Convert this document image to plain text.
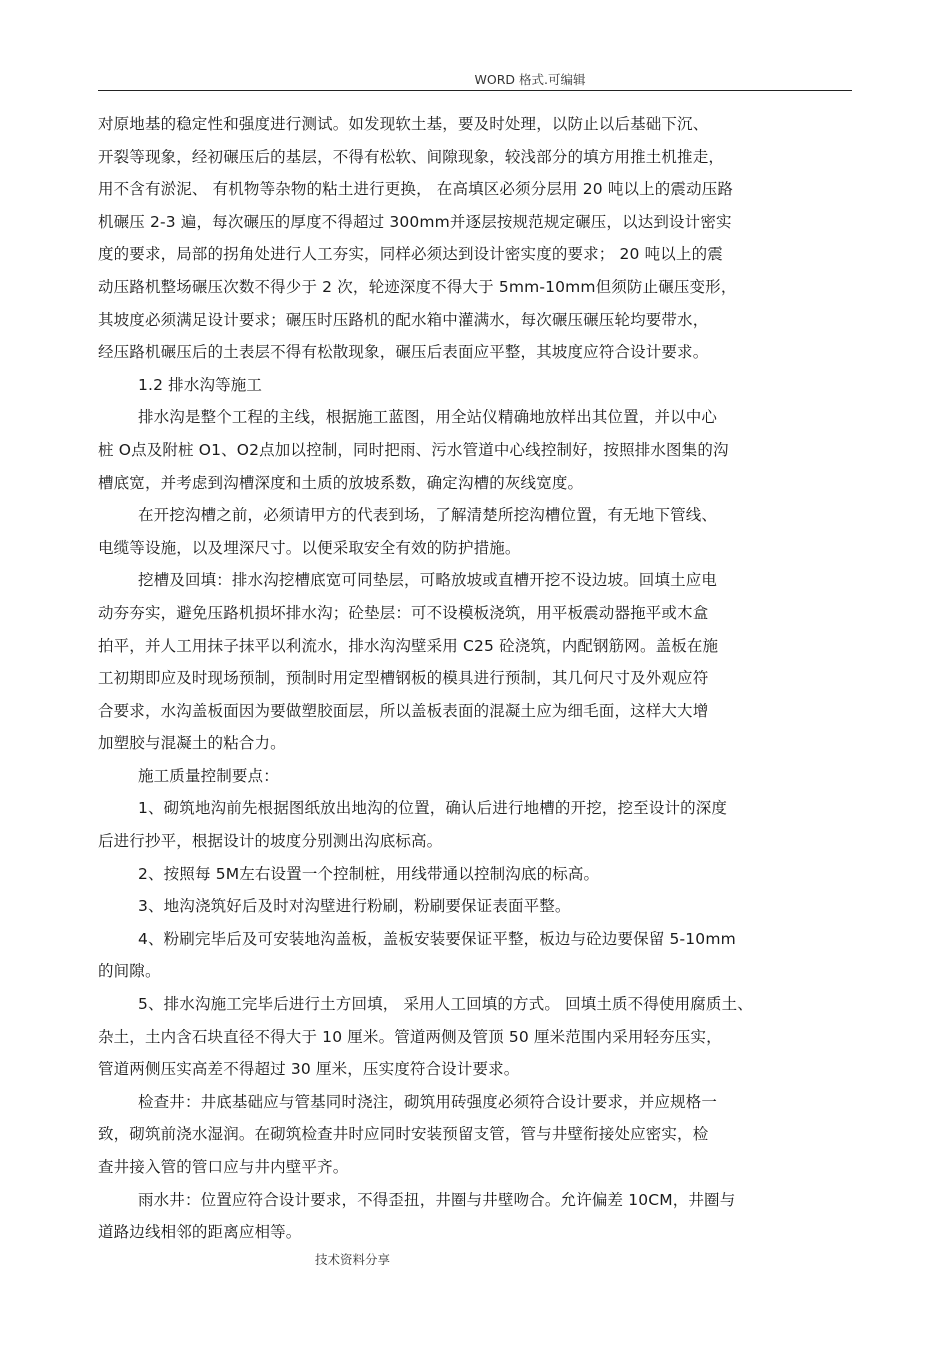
WORD 格式.可编辑
对原地基的稳定性和强度进行测试。如发现软土基，要及时处理，以防止以后基础下沉、
开裂等现象，经初碾压后的基层，不得有松软、间隙现象，较浅部分的填方用推土机推走，
用不含有淤泥、 有机物等杂物的粘土进行更换， 在高填区必须分层用 20 吨以上的震动压路
机碾压 2-3 遍，每次碾压的厚度不得超过 300mm并逐层按规范规定碾压，以达到设计密实
度的要求，局部的拐角处进行人工夯实，同样必须达到设计密实度的要求； 20 吨以上的震
动压路机整场碾压次数不得少于 2 次，轮迹深度不得大于 5mm-10mm但须防止碾压变形，
其坡度必须满足设计要求；碾压时压路机的配水箱中灌满水，每次碾压碾压轮均要带水，
经压路机碾压后的土表层不得有松散现象，碾压后表面应平整，其坡度应符合设计要求。
1.2 排水沟等施工
排水沟是整个工程的主线，根据施工蓝图，用全站仪精确地放样出其位置，并以中心
桩 O点及附桩 O1、O2点加以控制，同时把雨、污水管道中心线控制好，按照排水图集的沟
槽底宽，并考虑到沟槽深度和土质的放坡系数，确定沟槽的灰线宽度。
在开挖沟槽之前，必须请甲方的代表到场，了解清楚所挖沟槽位置，有无地下管线、
电缆等设施，以及埋深尺寸。以便采取安全有效的防护措施。
挖槽及回填：排水沟挖槽底宽可同垫层，可略放坡或直槽开挖不设边坡。回填土应电
动夯夯实，避免压路机损坏排水沟；砼垫层：可不设模板浇筑，用平板震动器拖平或木盒
拍平，并人工用抹子抹平以利流水，排水沟沟壁采用 C25 砼浇筑，内配钢筋网。盖板在施
工初期即应及时现场预制，预制时用定型槽钢板的模具进行预制，其几何尺寸及外观应符
合要求，水沟盖板面因为要做塑胶面层，所以盖板表面的混凝土应为细毛面，这样大大增
加塑胶与混凝土的粘合力。
施工质量控制要点：
1、砌筑地沟前先根据图纸放出地沟的位置，确认后进行地槽的开挖，挖至设计的深度
后进行抄平，根据设计的坡度分别测出沟底标高。
2、按照每 5M左右设置一个控制桩，用线带通以控制沟底的标高。
3、地沟浇筑好后及时对沟壁进行粉刷，粉刷要保证表面平整。
4、粉刷完毕后及可安装地沟盖板，盖板安装要保证平整，板边与砼边要保留 5-10mm
的间隙。
5、排水沟施工完毕后进行土方回填， 采用人工回填的方式。 回填土质不得使用腐质土、
杂土，土内含石块直径不得大于 10 厘米。管道两侧及管顶 50 厘米范围内采用轻夯压实，
管道两侧压实高差不得超过 30 厘米，压实度符合设计要求。
检查井：井底基础应与管基同时浇注，砌筑用砖强度必须符合设计要求，并应规格一
致，砌筑前浇水湿润。在砌筑检查井时应同时安装预留支管，管与井壁衔接处应密实，检
查井接入管的管口应与井内壁平齐。
雨水井：位置应符合设计要求，不得歪扭，井圈与井壁吻合。允许偏差 10CM，井圈与
道路边线相邻的距离应相等。
技术资料分享
